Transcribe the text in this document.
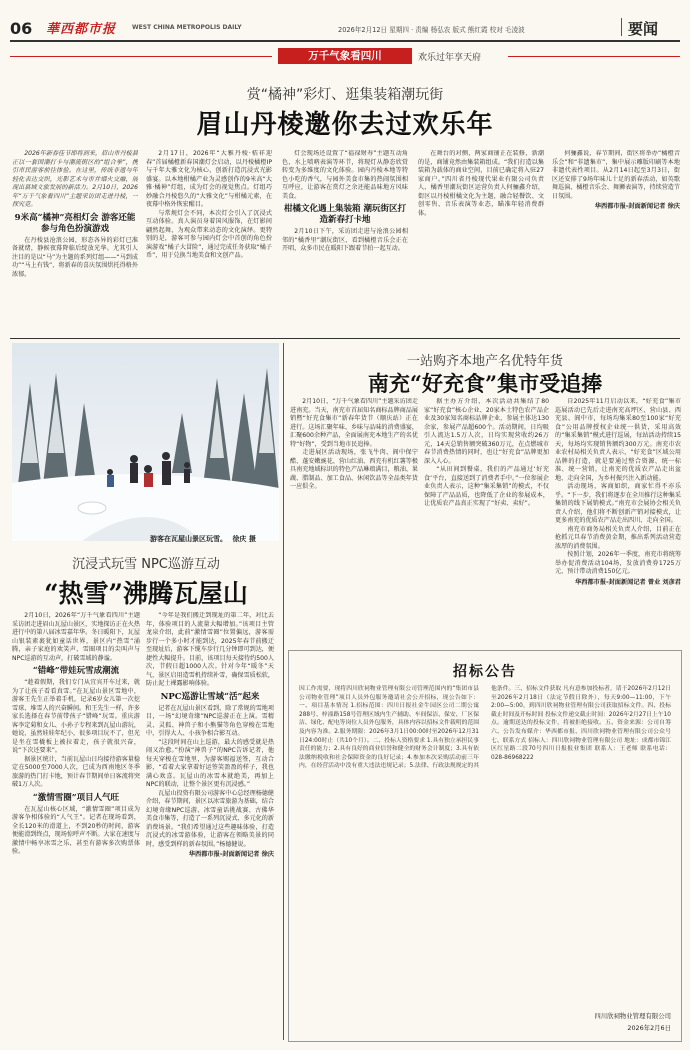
06 華西都市报	WEST CHINA METROPOLIS DAILY	2026年2月12日 星期四 · 责编 杨弘农 版式 熊红霞 校对 毛凌波	要闻
万千气象看四川	欢乐过年享天府
赏“橘神”彩灯、逛集装箱潮玩街
眉山丹棱邀你去过欢乐年

2026年新春佳节即将到来，眉山市丹棱县正以一套国潮打卡与潮流街区的“组合拳”，携引市民游客前往体验。在这里，传统非遗与年轻化表达交织，光影艺术与市井烟火交融，展现出县域文旅发展的新活力。2月10日，2026年“万千气象看四川”主题采访团走进丹棱，一探究竟。

9米高“橘神”亮相灯会 游客还能参与角色扮演游戏

在丹棱县沧浪公园，形态各异的彩灯已准备就绪，静候夜幕降临后绽放光华。尤其引人注目的是以“马”为主题的系列灯组——“马到成功”“马上有钱”，将新春的喜庆氛围烘托得格外浓郁。

2月17日，2026年“大雅丹棱·桔祥迎春”首届橘橙新春国潮灯会启动，以丹棱橘橙IP与千年大雅文化为核心，创新打造沉浸式光影盛宴。以本地柑橘产业为灵感创作的9米高“大雅·橘神”灯组，成为灯会的视觉焦点。灯组巧妙融合丹棱悠久的“大雅文化”与柑橘元素，在夜幕中格外恢宏醒目。

与常规灯会不同，本次灯会引入了沉浸式互动体验。真人演员身着国风服饰，在灯影间翩然起舞，为观众带来动态的文化演绎。更特别的是，游客可参与园内灯会中首创的角色扮演游戏“橘子大冒险”，通过完成任务获取“橘子币”，用于兑换当地美食和文创产品。

灯会现场还设置了“福禄财寿”主题互动角色，水上喷吶表演等环节，将现灯从静态欣赏转变为多维度的文化体验。园内丹棱本地等特色小吃的香气，与园外美食市集的热闹氛围相互呼应，让游客在赏灯之余还能品味地方风味美食。

柑橘文化遇上集装箱 潮玩街区打造新春打卡地

2月10日下午，采访团走进与沧浪公园相邻的“橘香里”潮玩街区，看到橘橙音乐会正在开唱，众多市民在暖阳下跟着节拍一起互动。

在舞台的对侧，两家商铺正在装修，新潮的是，商铺竟然由集装箱组成。“我们打造以集装箱为载体的商业空间，目前已确定将入驻27家商户。”四川省丹棱现代果业有限公司负责人、橘香里潮玩街区运营负责人何骊鑫介绍，街区以丹棱柑橘文化为主题，融合轻餐饮、文创零售、音乐表演等业态，瞄准年轻消费群体。

何骊鑫说，春节期间，街区将举办“橘橙音乐会”和“非遗集市”，集中展示雕版印刷等本地非遗代表性项目。从2月14日起至3月3日，街区还安排了9场年味儿十足的新春活动，如英歌舞巡演、橘橙音乐会、舞狮表演等，持续营造节日氛围。

华西都市报-封面新闻记者 徐庆
游客在瓦屋山景区玩雪。 徐庆 摄
沉浸式玩雪 NPC巡游互动
“热雪”沸腾瓦屋山

2月10日，2026年“万千气象看四川”主题采访团走进眉山瓦屋山景区，实地探访正在火热进行中的第八届冰雪嘉年华。冬日暖阳下，瓦屋山银装素裹犹如童话世界，景区内“热雪”涌腾，亲子家庭的欢笑声、雪圈项目的尖叫声与NPC巡游的互动声，打破雪域的静谧。

“错峰”带娃玩雪成潮流

“趁着假期，我们专门从宜宾开车过来，就为了让孩子看看真雪。”在瓦屋山景区雪地中，游客王先生正举着手机，记录6岁女儿第一次挖雪球、堆雪人的兴奋瞬间。和王先生一样，许多家长选择在春节前带孩子“错峰”玩雪。重庆游客李定菊和女儿、小孙子专程来到瓦屋山游玩，她说，虽然娃娃年纪小，很多项目玩不了，但光是坐在雪橇板上被拉着走，孩子就很兴奋，说“下次还要来”。

据景区统计，当前瓦屋山日均接待游客量稳定在5000至7000人次，已成为西南地区冬季旅游的热门打卡地，预计春节期间单日客流将突破1万人次。

“激情雪圈”项目人气旺

在瓦屋山核心区域，“激情雪圈”项目成为游客争相体验的“人气王”。记者在现场看到，全长120米的滑道上，不到20秒的时间，游客便能滑到终点，现场惊呼声不断。大家在速度与激情中畅享冰雪之乐，甚至有游客多次购票体验。

“今年是我们搬迁到现址的第二年，对比去年，体验项目的人流量大幅增加。”该项目主管龙泉介绍，此前“激情雪圈”位置偏远，游客需步行一个多小时才能到达，2025年春节前搬迁至现址后，游客下缆车步行几分钟即可到达，便捷性大幅提升。目前，该项目每天接待约500人次，节假日超1000人次。针对今年“暖冬”天气，景区启用造雪机持续补雪，确保雪质松软，防止泥土裸露影响体验。

NPC巡游让雪域“活”起来

记者在瓦屋山景区看到，除了常规的雪地项目，一场“幻境奇缘”NPC巡游正在上演。雪精灵、灵狐、神兽子和小熊猫等角色穿梭在雪地中，引得大人、小孩争相合影互动。

“这段时间在山上巡游，最大的感受就是热闹又治愈。”扮演“神兽子”的NPC告诉记者，他每天穿梭在雪地里，为游客赐福送签，互动合影，“看着大家拿着好运签笑盈盈的样子，我也满心欢喜。瓦屋山的冰雪本就绝美，再加上NPC的联动，让整个景区更有沉浸感。”

瓦屋山投资有限公司游客中心总经理杨德健介绍，春节期间，景区以冰雪旅游为基础，结合幻境奇缘NPC巡游、冰雪童话挑战赛、古佛华美食市集等，打造了一系列沉浸式、多元化的新消费场景。“我们希望通过这些趣味体验，打造沉浸式的冰雪游体验，让游客在领略美景的同时，感受到样的新春氛围。”杨德健说。

华西都市报-封面新闻记者 徐庆
一站购齐本地产名优特年货
南充“好充食”集市受追捧

2月10日，“万千气象看四川”主题采访团走进南充。当天，南充市首届知名商标品牌商品展销暨“好充食集市”新春年货节（顺庆站）正在进行。这场汇聚年味、乡味与品味的消费盛宴，汇聚600余种产品，全面展南充本地生产的名优特“好物”，受到当地市民追捧。

走进展区活动现场，张飞牛肉、阆中保宁醋、蓬安嫩豌花、营山红油、西充有机红薯等极具南充地域标识的特色产品琳琅满目，粮油、果蔬、腊制品、加工食品、休闲饮品等全品类年货一应俱全。

据主办方介绍，本次活动共集结了80家“好充食”核心企业、20家本土特色农产品企业及30家知名商标品牌企业，参展主体达130余家，参展产品超600个。活动期间，日均吸引人流达1.5万人次，日均实现营收约26万元，14天总销售额突破360万元，在点燃城市春节消费热情的同时，也让“好充食”品牌更加深入人心。

“从田间到餐桌，我们的产品通过‘好充食’平台，直接送到了消费者手中。”一位参展企业负责人表示，这种“集采集销”的模式，不仅保障了产品品质，也降低了企业的参展成本，让优质农产品真正实现了“好卖、卖好”。

自2025年11月启动以来，“好充食”集市巡展活动已先后走进南充高坪区、营山县、西充县、阆中市，每场均集采80至100家“好充食”公用品牌授权企业统一供货，采用高效的“集采集销”模式进行巡展，每站活动持续15天，每场均实现销售额约300万元。南充市农业农村局相关负责人表示，“好充食”区域公用品牌的打造，就是要通过整合资源、统一标准、统一营销，让南充的优质农产品走出盆地、走向全国，为乡村振兴注入新动能。

活动现场，客商如织，商家忙得不亦乐乎。“下一步，我们将逐步在全川推行这种集采集销的线下展销模式。”南充市会展协会相关负责人介绍，他们将不断创新产销对接模式，让更多南充的优质农产品走出四川、走向全国。

南充市商务局相关负责人介绍，目前正在抢抓元旦春节消费黄金期，推出系列活动营造浓厚的消费氛围。

按照计划，2026年一季度，南充市将统筹举办促消费活动104场，发放消费券1725万元，预计带动消费150亿元。

华西都市报-封面新闻记者 曾业 刘彦君
招标公告
因工作需要，现将四川欣祠物业管理有限公司管理范围内的“集团市县公司物业管理”项目人员外包服务邀请社会公开招标，现公告如下：一、项目基本情况 1.招标范围：四川日报社金牛园区公司二期公寓 288号、梓潼路158号管理区域内生产辅助、车间保洁、保安、厂区保洁、绿化、配电等岗位人员外包服务，具体内容以招标文件载明的范围及内容为准。2.服务期限：2026年3月1日00:00时至2026年12月31日24:00时止（共10个月）。二、投标人资格要求 1.具有独立承担民事责任的能力；2.具有良好的商业信誉和健全的财务会计制度；3.具有依法缴纳税收和社会保障资金的良好记录；4.参加本次采购活动前三年内，在经营活动中没有重大违法违规记录；5.法律、行政法规规定的其他条件。三、招标文件获取 凡有意参加投标者，请于2026年2月12日至2026年2月18日（法定节假日除外），每天9:00—11:00，下午2:00—5:00，到四川欣祠物业管理有限公司获取招标文件。四、投标截止时间及开标时间 投标文件递交截止时间：2026年2月27日上午10点。逾期送达的投标文件，将被拒绝接收。五、资金来源：公司自筹 六、公告发布媒介：华西都市报、四川欣祠物业管理有限公司公众号 七、联系方式 招标人：四川欣祠物业管理有限公司 地址：成都市锦江区红星路二段70号四川日报报业集团 联系人：王老师 联系电话：028-86968222
四川欣祠物业管理有限公司
2026年2月6日
